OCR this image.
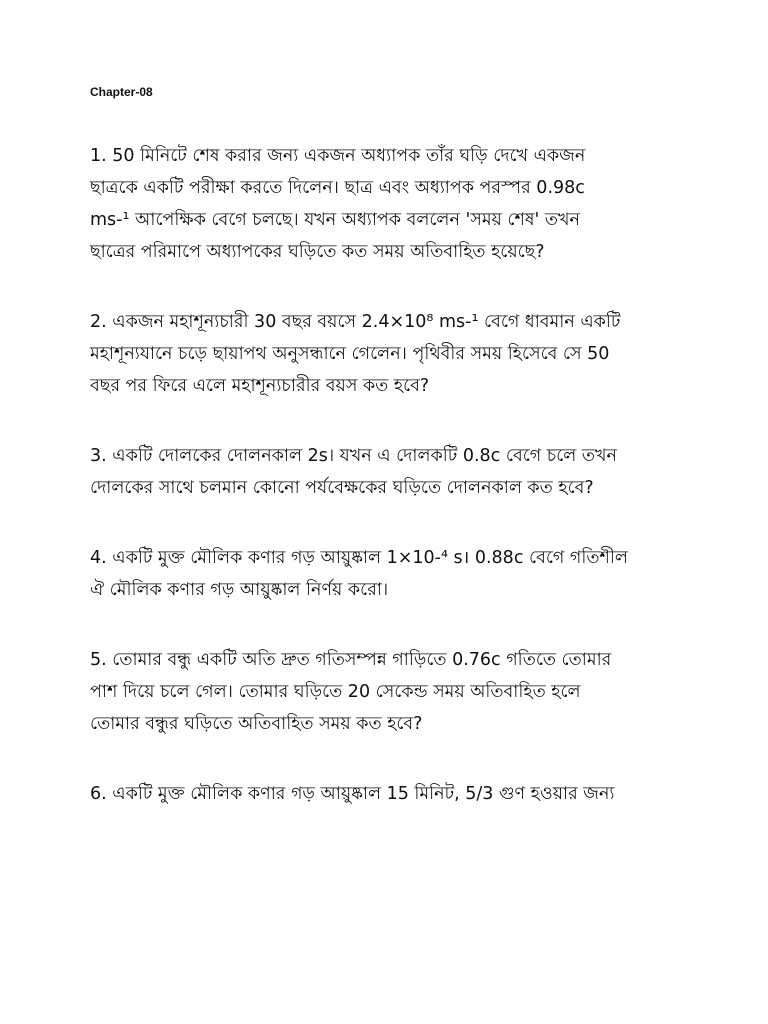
Chapter-08
1. 50 মিনিটে শেষ করার জন্য একজন অধ্যাপক তাঁর ঘড়ি দেখে একজন
ছাত্রকে একটি পরীক্ষা করতে দিলেন। ছাত্র এবং অধ্যাপক পরস্পর 0.98c
ms-¹ আপেক্ষিক বেগে চলছে। যখন অধ্যাপক বললেন 'সময় শেষ' তখন
ছাত্রের পরিমাপে অধ্যাপকের ঘড়িতে কত সময় অতিবাহিত হয়েছে?
2. একজন মহাশূন্যচারী 30 বছর বয়সে 2.4×10⁸ ms-¹ বেগে ধাবমান একটি
মহাশূন্যযানে চড়ে ছায়াপথ অনুসন্ধানে গেলেন। পৃথিবীর সময় হিসেবে সে 50
বছর পর ফিরে এলে মহাশূন্যচারীর বয়স কত হবে?
3. একটি দোলকের দোলনকাল 2s। যখন এ দোলকটি 0.8c বেগে চলে তখন
দোলকের সাথে চলমান কোনো পর্যবেক্ষকের ঘড়িতে দোলনকাল কত হবে?
4. একটি মুক্ত মৌলিক কণার গড় আয়ুষ্কাল 1×10-⁴ s। 0.88c বেগে গতিশীল
ঐ মৌলিক কণার গড় আয়ুষ্কাল নির্ণয় করো।
5. তোমার বন্ধু একটি অতি দ্রুত গতিসম্পন্ন গাড়িতে 0.76c গতিতে তোমার
পাশ দিয়ে চলে গেল। তোমার ঘড়িতে 20 সেকেন্ড সময় অতিবাহিত হলে
তোমার বন্ধুর ঘড়িতে অতিবাহিত সময় কত হবে?
6. একটি মুক্ত মৌলিক কণার গড় আয়ুষ্কাল 15 মিনিট, 5/3 গুণ হওয়ার জন্য
